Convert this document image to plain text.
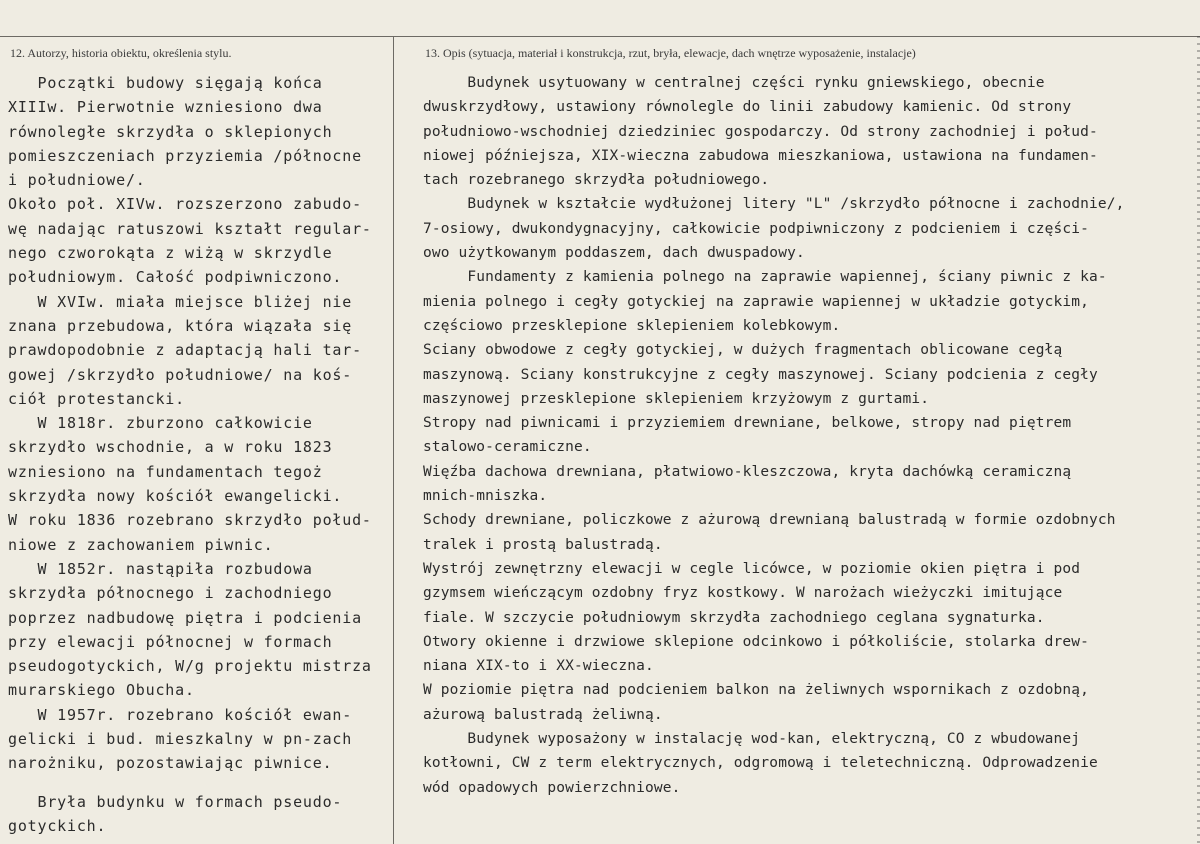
12. Autorzy, historia obiektu, określenia stylu.	13. Opis (sytuacja, materiał i konstrukcja, rzut, bryła, elewacje, dach wnętrze wyposażenie, instalacje)
Początki budowy sięgają końca
XIIIw. Pierwotnie wzniesiono dwa
równoległe skrzydła o sklepionych
pomieszczeniach przyziemia /północne
i południowe/.
Około poł. XIVw. rozszerzono zabudo-
wę nadając ratuszowi kształt regular-
nego czworokąta z wiżą w skrzydle
południowym. Całość podpiwniczono.
W XVIw. miała miejsce bliżej nie
znana przebudowa, która wiązała się
prawdopodobnie z adaptacją hali tar-
gowej /skrzydło południowe/ na koś-
ciół protestancki.
W 1818r. zburzono całkowicie
skrzydło wschodnie, a w roku 1823
wzniesiono na fundamentach tegoż
skrzydła nowy kościół ewangelicki.
W roku 1836 rozebrano skrzydło połud-
niowe z zachowaniem piwnic.
W 1852r. nastąpiła rozbudowa
skrzydła północnego i zachodniego
poprzez nadbudowę piętra i podcienia
przy elewacji północnej w formach
pseudogotyckich, W/g projektu mistrza
murarskiego Obucha.
W 1957r. rozebrano kościół ewan-
gelicki i bud. mieszkalny w pn-zach
narożniku, pozostawiając piwnice.
Bryła budynku w formach pseudo-
gotyckich.
Budynek usytuowany w centralnej części rynku gniewskiego, obecnie
dwuskrzydłowy, ustawiony równolegle do linii zabudowy kamienic. Od strony
południowo-wschodniej dziedziniec gospodarczy. Od strony zachodniej i połud-
niowej późniejsza, XIX-wieczna zabudowa mieszkaniowa, ustawiona na fundamen-
tach rozebranego skrzydła południowego.
Budynek w kształcie wydłużonej litery "L" /skrzydło północne i zachodnie/,
7-osiowy, dwukondygnacyjny, całkowicie podpiwniczony z podcieniem i części-
owo użytkowanym poddaszem, dach dwuspadowy.
Fundamenty z kamienia polnego na zaprawie wapiennej, ściany piwnic z ka-
mienia polnego i cegły gotyckiej na zaprawie wapiennej w układzie gotyckim,
częściowo przesklepione sklepieniem kolebkowym.
Sciany obwodowe z cegły gotyckiej, w dużych fragmentach oblicowane cegłą
maszynową. Sciany konstrukcyjne z cegły maszynowej. Sciany podcienia z cegły
maszynowej przesklepione sklepieniem krzyżowym z gurtami.
Stropy nad piwnicami i przyziemiem drewniane, belkowe, stropy nad piętrem
stalowo-ceramiczne.
Więźba dachowa drewniana, płatwiowo-kleszczowa, kryta dachówką ceramiczną
mnich-mniszka.
Schody drewniane, policzkowe z ażurową drewnianą balustradą w formie ozdobnych
tralek i prostą balustradą.
Wystrój zewnętrzny elewacji w cegle licówce, w poziomie okien piętra i pod
gzymsem wieńczącym ozdobny fryz kostkowy. W narożach wieżyczki imitujące
fiale. W szczycie południowym skrzydła zachodniego ceglana sygnaturka.
Otwory okienne i drzwiowe sklepione odcinkowo i półkoliście, stolarka drew-
niana XIX-to i XX-wieczna.
W poziomie piętra nad podcieniem balkon na żeliwnych wspornikach z ozdobną,
ażurową balustradą żeliwną.
Budynek wyposażony w instalację wod-kan, elektryczną, CO z wbudowanej
kotłowni, CW z term elektrycznych, odgromową i teletechniczną. Odprowadzenie
wód opadowych powierzchniowe.
